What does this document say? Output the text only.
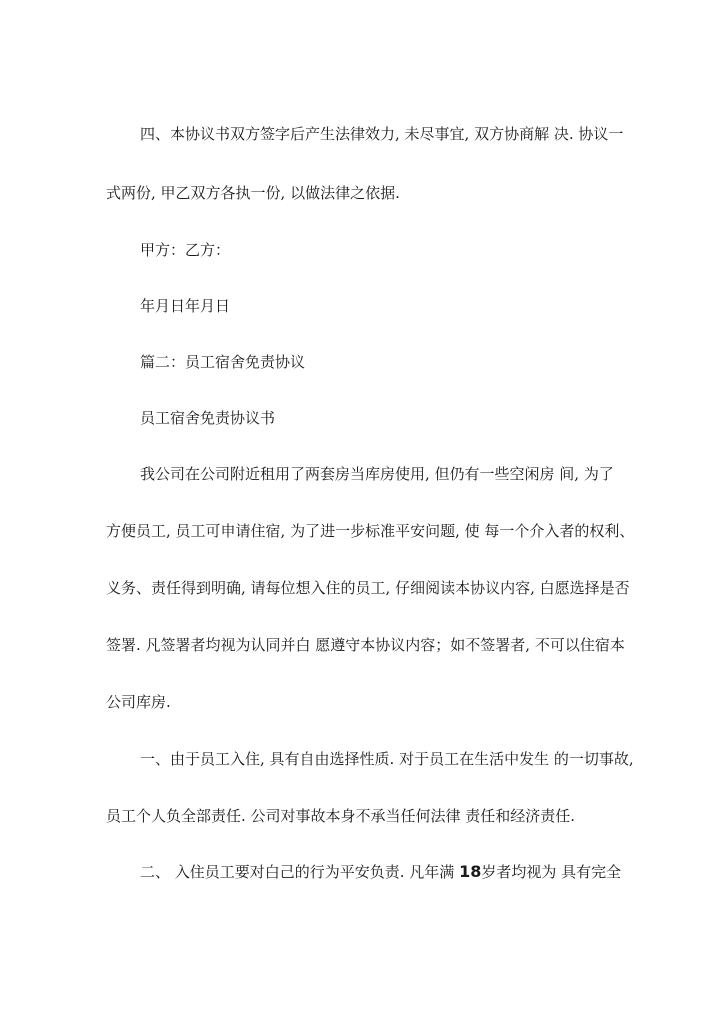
四、本协议书双方签字后产生法律效力, 未尽事宜, 双方协商解 决. 协议一
式两份, 甲乙双方各执一份, 以做法律之依据.
甲方：乙方：
年月日年月日
篇二：员工宿舍免责协议
员工宿舍免责协议书
我公司在公司附近租用了两套房当库房使用, 但仍有一些空闲房 间, 为了
方便员工, 员工可申请住宿, 为了进一步标准平安问题, 使 每一个介入者的权利、
义务、责任得到明确, 请每位想入住的员工, 仔细阅读本协议内容, 白愿选择是否
签署. 凡签署者均视为认同并白 愿遵守本协议内容；如不签署者, 不可以住宿本
公司库房.
一、由于员工入住, 具有自由选择性质. 对于员工在生活中发生 的一切事故,
员工个人负全部责任. 公司对事故本身不承当任何法律 责任和经济责任.
二、 入住员工要对白己的行为平安负责. 凡年满 18岁者均视为 具有完全
